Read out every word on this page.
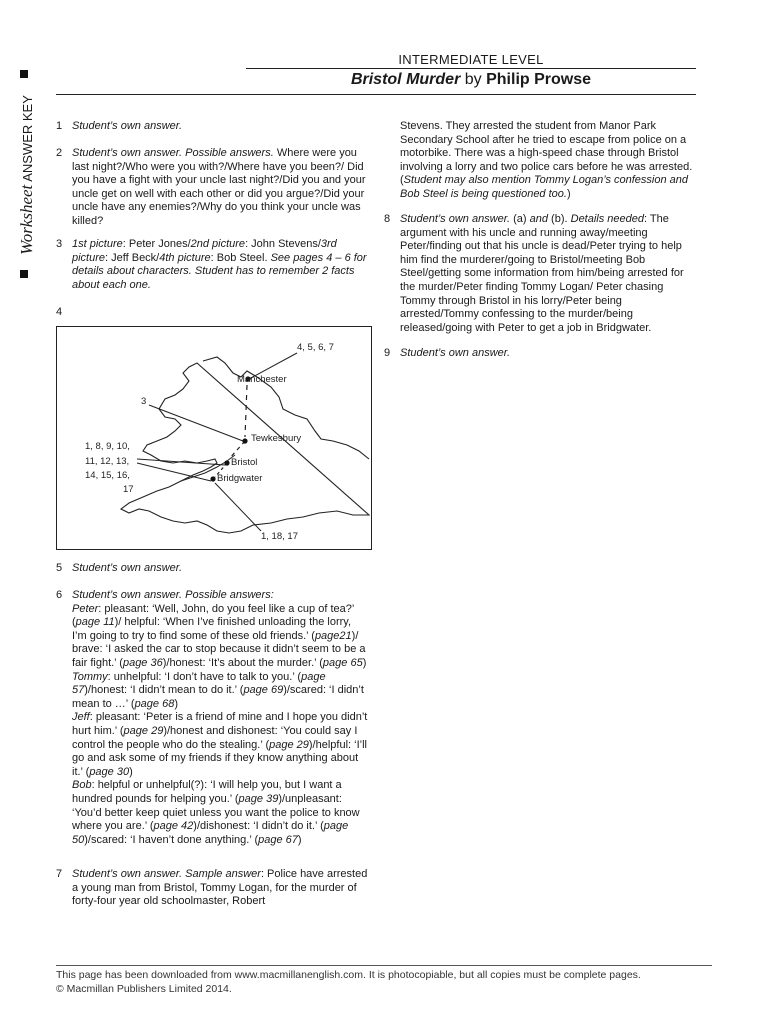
Worksheet ANSWER KEY
INTERMEDIATE LEVEL
Bristol Murder by Philip Prowse
1 Student’s own answer.
2 Student’s own answer. Possible answers. Where were you last night?/Who were you with?/Where have you been?/ Did you have a fight with your uncle last night?/Did you and your uncle get on well with each other or did you argue?/Did your uncle have any enemies?/Why do you think your uncle was killed?
3 1st picture: Peter Jones/2nd picture: John Stevens/3rd picture: Jeff Beck/4th picture: Bob Steel. See pages 4 – 6 for details about characters. Student has to remember 2 facts about each one.
4
4, 5, 6, 7
Manchester
3
Tewkesbury
1, 8, 9, 10,
11, 12, 13,
14, 15, 16,
17
Bristol
Bridgwater
1, 18, 17
5 Student’s own answer.
6 Student’s own answer. Possible answers:
Peter: pleasant: ‘Well, John, do you feel like a cup of tea?’ (page 11)/ helpful: ‘When I’ve finished unloading the lorry, I’m going to try to find some of these old friends.’ (page21)/ brave: ‘I asked the car to stop because it didn’t seem to be a fair fight.’ (page 36)/honest: ‘It’s about the murder.’ (page 65)
Tommy: unhelpful: ‘I don’t have to talk to you.’ (page 57)/honest: ‘I didn’t mean to do it.’ (page 69)/scared: ‘I didn’t mean to …’ (page 68)
Jeff: pleasant: ‘Peter is a friend of mine and I hope you didn’t hurt him.’ (page 29)/honest and dishonest: ‘You could say I control the people who do the stealing.’ (page 29)/helpful: ‘I’ll go and ask some of my friends if they know anything about it.’ (page 30)
Bob: helpful or unhelpful(?): ‘I will help you, but I want a hundred pounds for helping you.’ (page 39)/unpleasant: ‘You’d better keep quiet unless you want the police to know where you are.’ (page 42)/dishonest: ‘I didn’t do it.’ (page 50)/scared: ‘I haven’t done anything.’ (page 67)
7 Student’s own answer. Sample answer: Police have arrested a young man from Bristol, Tommy Logan, for the murder of forty-four year old schoolmaster, Robert
Stevens. They arrested the student from Manor Park Secondary School after he tried to escape from police on a motorbike. There was a high-speed chase through Bristol involving a lorry and two police cars before he was arrested. (Student may also mention Tommy Logan’s confession and Bob Steel is being questioned too.)
8 Student’s own answer. (a) and (b). Details needed: The argument with his uncle and running away/meeting Peter/finding out that his uncle is dead/Peter trying to help him find the murderer/going to Bristol/meeting Bob Steel/getting some information from him/being arrested for the murder/Peter finding Tommy Logan/ Peter chasing Tommy through Bristol in his lorry/Peter being arrested/Tommy confessing to the murder/being released/going with Peter to get a job in Bridgwater.
9 Student’s own answer.
This page has been downloaded from www.macmillanenglish.com. It is photocopiable, but all copies must be complete pages.
© Macmillan Publishers Limited 2014.
